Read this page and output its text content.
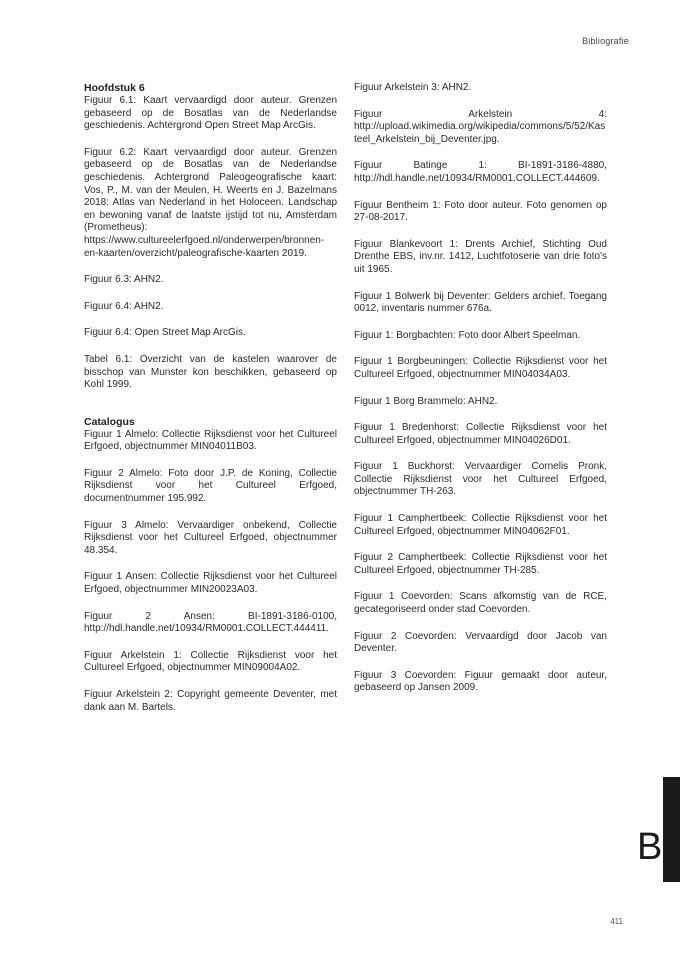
Bibliografie
Hoofdstuk 6

Figuur 6.1: Kaart vervaardigd door auteur. Grenzen gebaseerd op de Bosatlas van de Nederlandse geschiedenis. Achtergrond Open Street Map ArcGis.

Figuur 6.2: Kaart vervaardigd door auteur. Grenzen gebaseerd op de Bosatlas van de Nederlandse geschiedenis. Achtergrond Paleogeografische kaart: Vos, P., M. van der Meulen, H. Weerts en J. Bazelmans 2018: Atlas van Nederland in het Holoceen. Landschap en bewoning vanaf de laatste ijstijd tot nu, Amsterdam (Prometheus): https://www.cultureelerfgoed.nl/onderwerpen/bronnen-en-kaarten/overzicht/paleografische-kaarten 2019.

Figuur 6.3: AHN2.

Figuur 6.4: AHN2.

Figuur 6.4: Open Street Map ArcGis.

Tabel 6.1: Overzicht van de kastelen waarover de bisschop van Munster kon beschikken, gebaseerd op Kohl 1999.

Catalogus

Figuur 1 Almelo: Collectie Rijksdienst voor het Cultureel Erfgoed, objectnummer MIN04011B03.

Figuur 2 Almelo: Foto door J.P. de Koning, Collectie Rijksdienst voor het Cultureel Erfgoed, documentnummer 195.992.

Figuur 3 Almelo: Vervaardiger onbekend, Collectie Rijksdienst voor het Cultureel Erfgoed, objectnummer 48.354.

Figuur 1 Ansen: Collectie Rijksdienst voor het Cultureel Erfgoed, objectnummer MIN20023A03.

Figuur 2 Ansen: BI-1891-3186-0100, http://hdl.handle.net/10934/RM0001.COLLECT.444411.

Figuur Arkelstein 1: Collectie Rijksdienst voor het Cultureel Erfgoed, objectnummer MIN09004A02.

Figuur Arkelstein 2: Copyright gemeente Deventer, met dank aan M. Bartels.

Figuur Arkelstein 3: AHN2.

Figuur Arkelstein 4: http://upload.wikimedia.org/wikipedia/commons/5/52/Kasteel_Arkelstein_bij_Deventer.jpg.

Figuur Batinge 1: BI-1891-3186-4880, http://hdl.handle.net/10934/RM0001.COLLECT.444609.

Figuur Bentheim 1: Foto door auteur. Foto genomen op 27-08-2017.

Figuur Blankevoort 1: Drents Archief, Stichting Oud Drenthe EBS, inv.nr. 1412, Luchtfotoserie van drie foto's uit 1965.

Figuur 1 Bolwerk bij Deventer: Gelders archief. Toegang 0012, inventaris nummer 676a.

Figuur 1: Borgbachten: Foto door Albert Speelman.

Figuur 1 Borgbeuningen: Collectie Rijksdienst voor het Cultureel Erfgoed, objectnummer MIN04034A03.

Figuur 1 Borg Brammelo: AHN2.

Figuur 1 Bredenhorst: Collectie Rijksdienst voor het Cultureel Erfgoed, objectnummer MIN04026D01.

Figuur 1 Buckhorst: Vervaardiger Cornelis Pronk, Collectie Rijksdienst voor het Cultureel Erfgoed, objectnummer TH-263.

Figuur 1 Camphertbeek: Collectie Rijksdienst voor het Cultureel Erfgoed, objectnummer MIN04062F01.

Figuur 2 Camphertbeek: Collectie Rijksdienst voor het Cultureel Erfgoed, objectnummer TH-285.

Figuur 1 Coevorden: Scans afkomstig van de RCE, gecategoriseerd onder stad Coevorden.

Figuur 2 Coevorden: Vervaardigd door Jacob van Deventer.

Figuur 3 Coevorden: Figuur gemaakt door auteur, gebaseerd op Jansen 2009.

B
411
